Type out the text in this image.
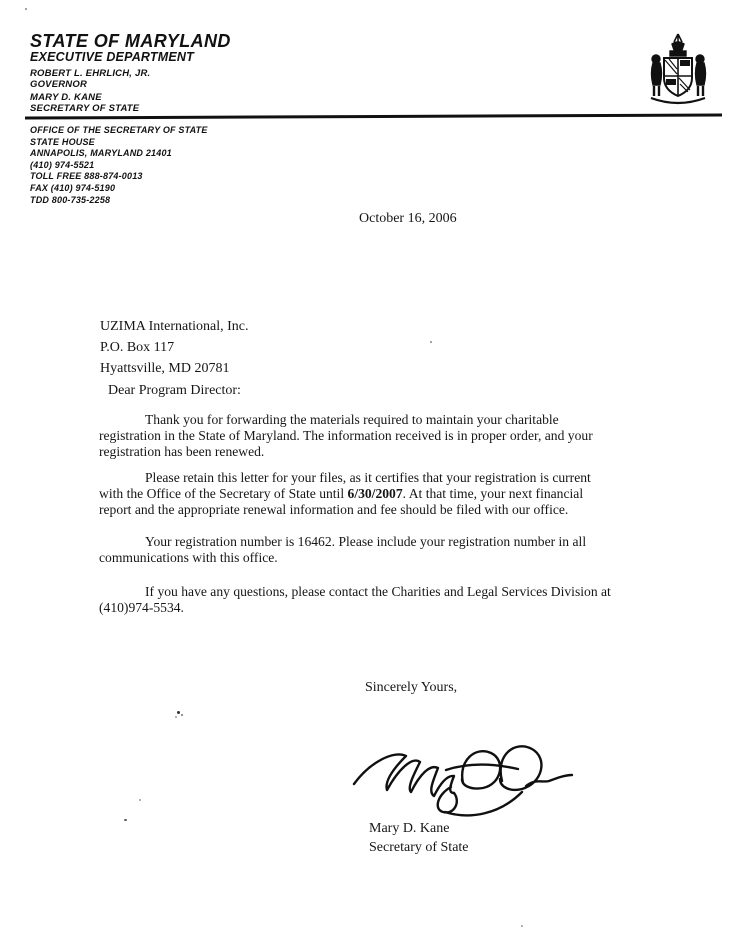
STATE OF MARYLAND
EXECUTIVE DEPARTMENT
ROBERT L. EHRLICH, JR.
GOVERNOR
MARY D. KANE
SECRETARY OF STATE
OFFICE OF THE SECRETARY OF STATE
STATE HOUSE
ANNAPOLIS, MARYLAND 21401
(410) 974-5521
TOLL FREE 888-874-0013
FAX (410) 974-5190
TDD 800-735-2258
October 16, 2006
UZIMA International, Inc.
P.O. Box 117
Hyattsville, MD 20781
Dear Program Director:
Thank you for forwarding the materials required to maintain your charitable registration in the State of Maryland. The information received is in proper order, and your registration has been renewed.
Please retain this letter for your files, as it certifies that your registration is current with the Office of the Secretary of State until 6/30/2007. At that time, your next financial report and the appropriate renewal information and fee should be filed with our office.
Your registration number is 16462. Please include your registration number in all communications with this office.
If you have any questions, please contact the Charities and Legal Services Division at (410)974-5534.
Sincerely Yours,
Mary D. Kane
Secretary of State
